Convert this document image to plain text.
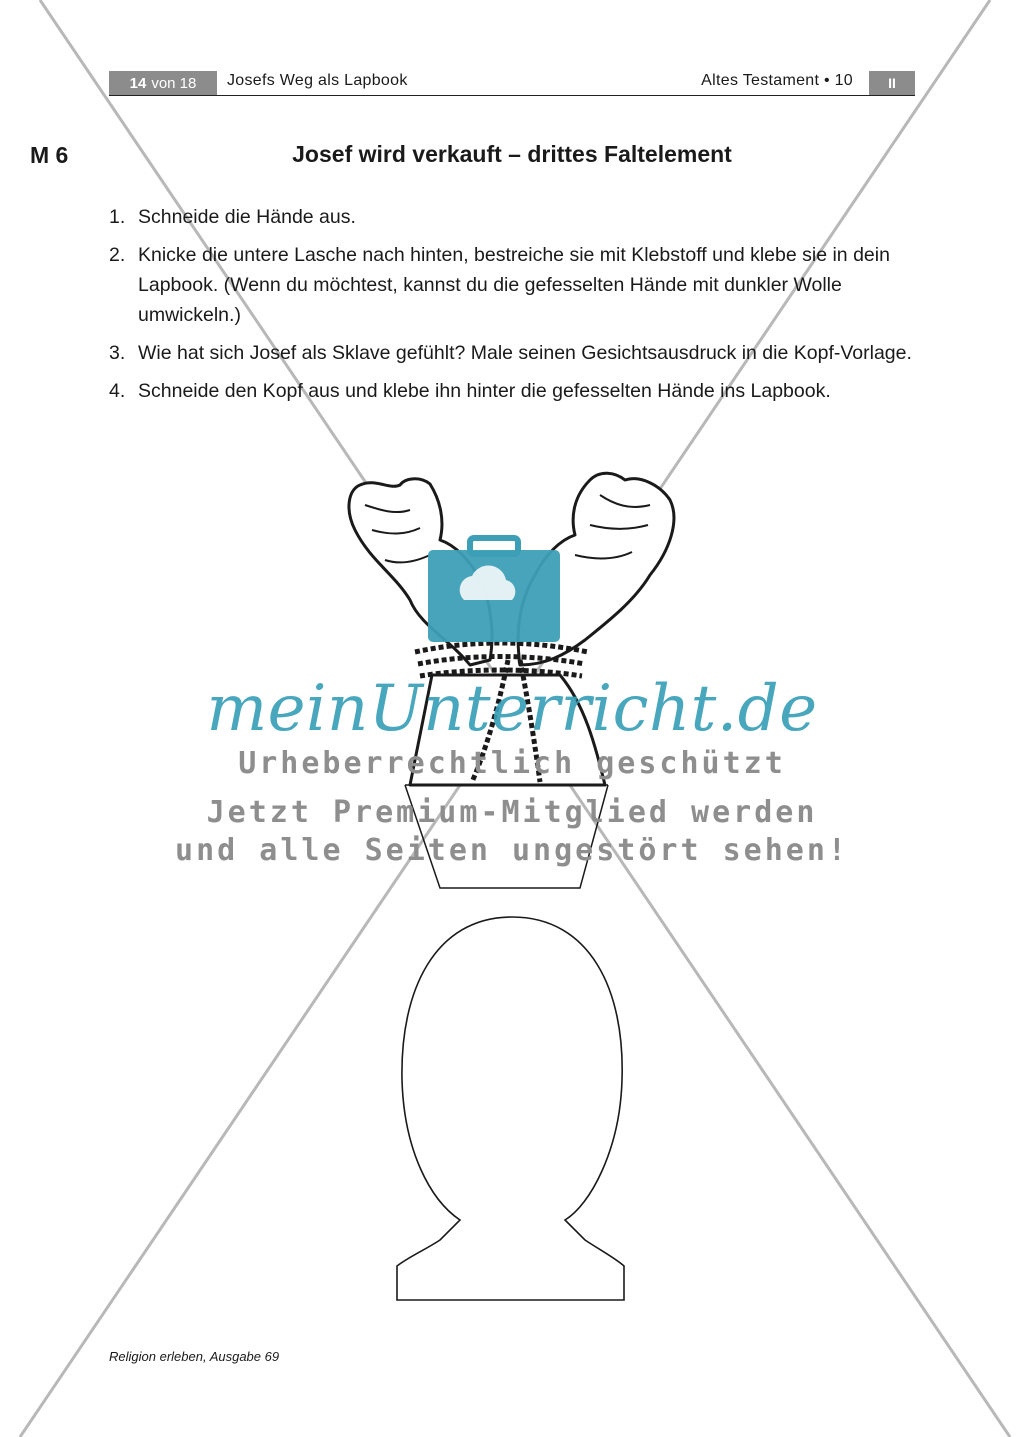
14 von 18 Josefs Weg als Lapbook	Altes Testament • 10	II
M 6	Josef wird verkauft – drittes Faltelement
1. Schneide die Hände aus.
2. Knicke die untere Lasche nach hinten, bestreiche sie mit Klebstoff und klebe sie in dein Lapbook. (Wenn du möchtest, kannst du die gefesselten Hände mit dunkler Wolle umwickeln.)
3. Wie hat sich Josef als Sklave gefühlt? Male seinen Gesichtsausdruck in die Kopf-Vorlage.
4. Schneide den Kopf aus und klebe ihn hinter die gefesselten Hände ins Lapbook.
meinUnterricht.de
Urheberrechtlich geschützt
Jetzt Premium-Mitglied werden
und alle Seiten ungestört sehen!
Religion erleben, Ausgabe 69
